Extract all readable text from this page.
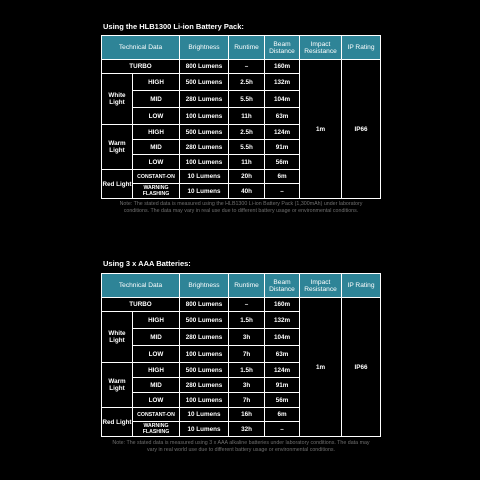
Using the HLB1300 Li-ion Battery Pack:
Technical Data		Brightness	Runtime	Beam Distance	Impact Resistance	IP Rating
TURBO		800 Lumens	–	160m	1m	IP66
White Light	HIGH	500 Lumens	2.5h	132m		
	MID	280 Lumens	5.5h	104m		
	LOW	100 Lumens	11h	63m		
Warm Light	HIGH	500 Lumens	2.5h	124m		
	MID	280 Lumens	5.5h	91m		
	LOW	100 Lumens	11h	56m		
Red Light	CONSTANT-ON	10 Lumens	20h	6m		
	WARNING FLASHING	10 Lumens	40h	–		
Note: The stated data is measured using the HLB1300 Li-ion Battery Pack (1,300mAh) under laboratory conditions. The data may vary in real use due to different battery usage or environmental conditions.
Using 3 x AAA Batteries:
Technical Data		Brightness	Runtime	Beam Distance	Impact Resistance	IP Rating
TURBO		800 Lumens	–	160m	1m	IP66
White Light	HIGH	500 Lumens	1.5h	132m		
	MID	280 Lumens	3h	104m		
	LOW	100 Lumens	7h	63m		
Warm Light	HIGH	500 Lumens	1.5h	124m		
	MID	280 Lumens	3h	91m		
	LOW	100 Lumens	7h	56m		
Red Light	CONSTANT-ON	10 Lumens	16h	6m		
	WARNING FLASHING	10 Lumens	32h	–		
Note: The stated data is measured using 3 x AAA alkaline batteries under laboratory conditions. The data may vary in real world use due to different battery usage or environmental conditions.
